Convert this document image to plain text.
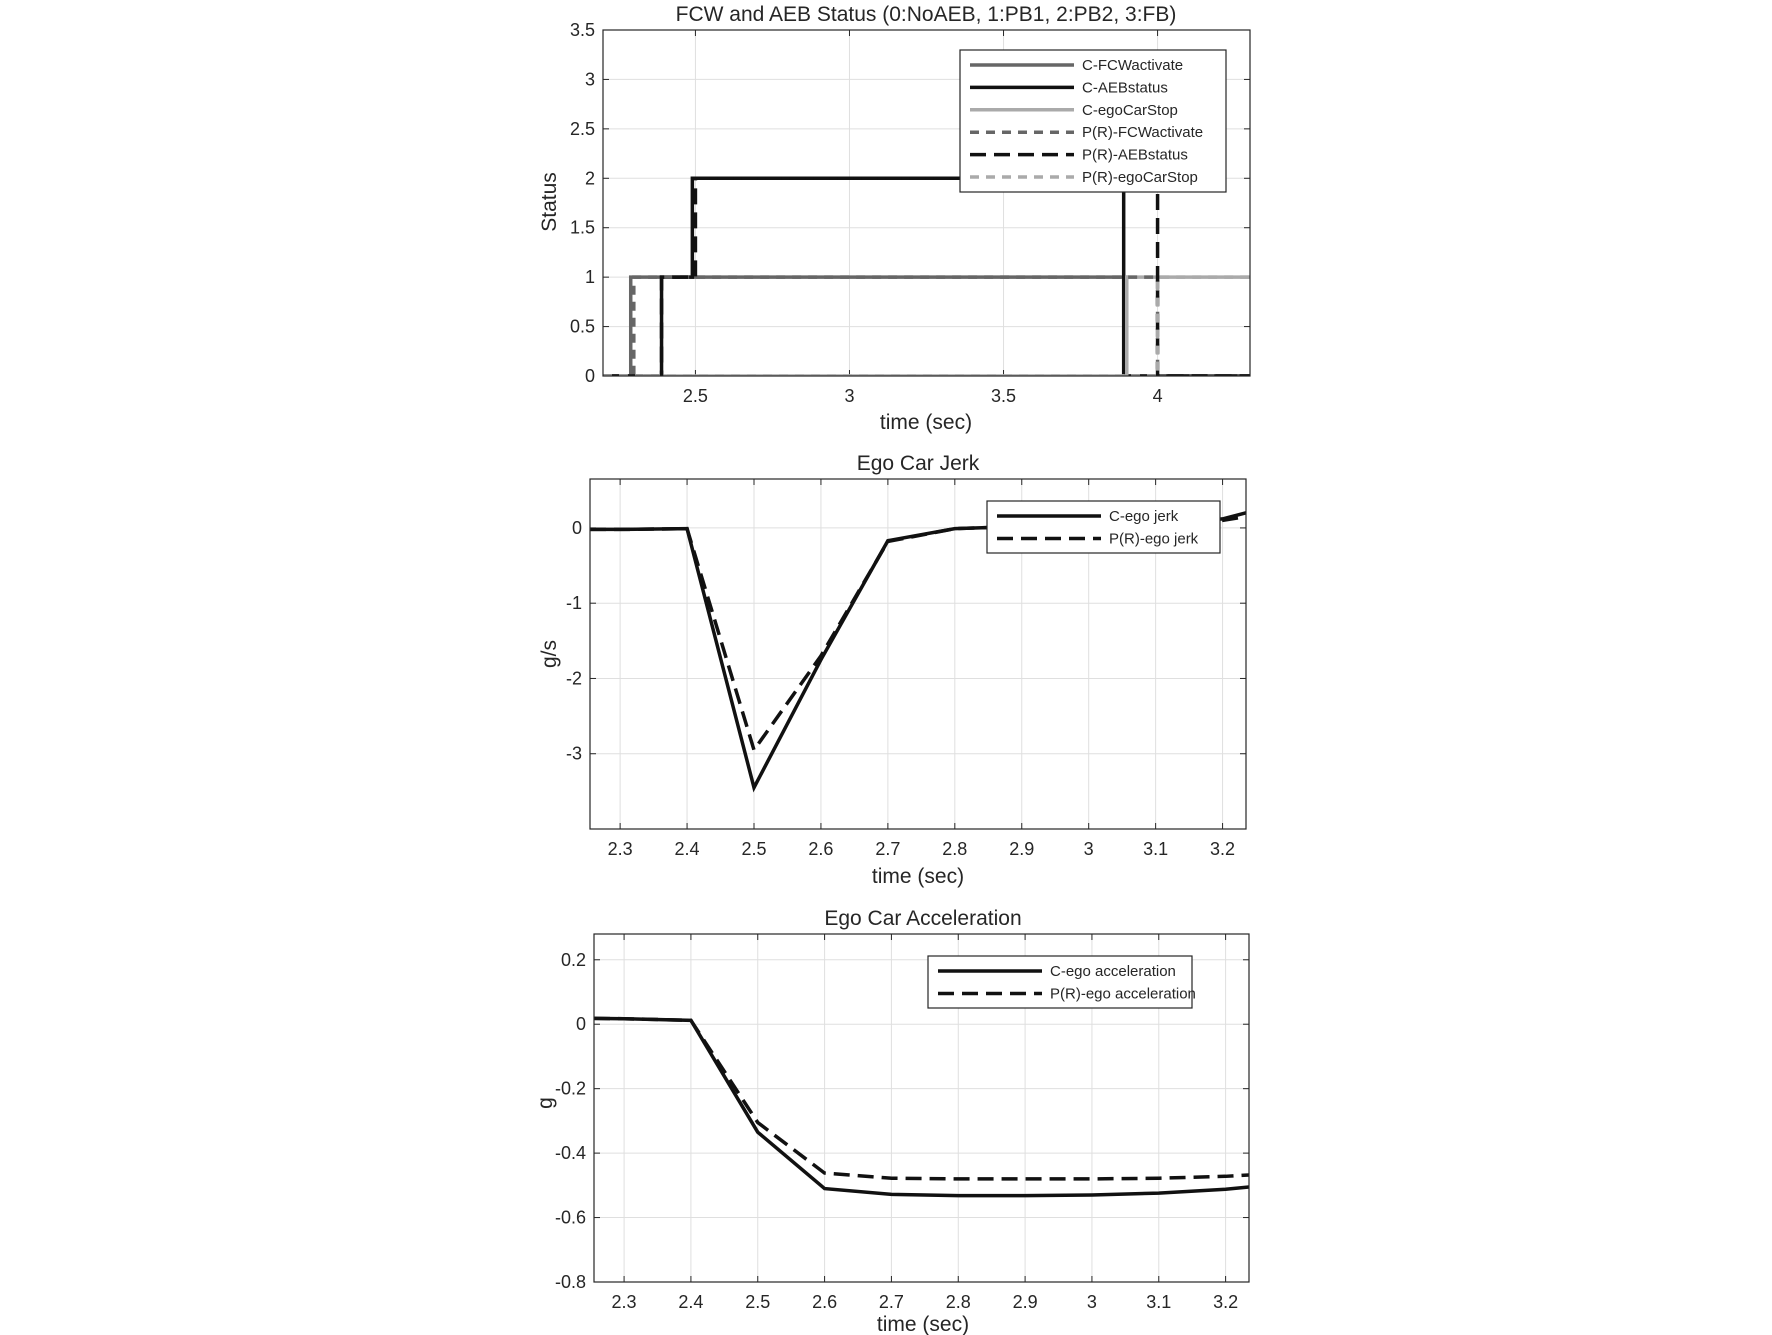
FCW and AEB Status (0:NoAEB, 1:PB1, 2:PB2, 3:FB)
time (sec)
Status
Ego Car Jerk
time (sec)
g/s
Ego Car Acceleration
time (sec)
g
2.5	3	3.5	4
0
0.5
1
1.5
2
2.5
3
3.5
C-FCWactivate
C-AEBstatus
C-egoCarStop
P(R)-FCWactivate
P(R)-AEBstatus
P(R)-egoCarStop
2.3 2.4 2.5 2.6 2.7 2.8 2.9	3	3.1 3.2
-3
-2
-1
0
C-ego jerk
P(R)-ego jerk
2.3 2.4 2.5 2.6 2.7 2.8 2.9	3	3.1 3.2
-0.8
-0.6
-0.4
-0.2
0
0.2
C-ego acceleration
P(R)-ego acceleration
